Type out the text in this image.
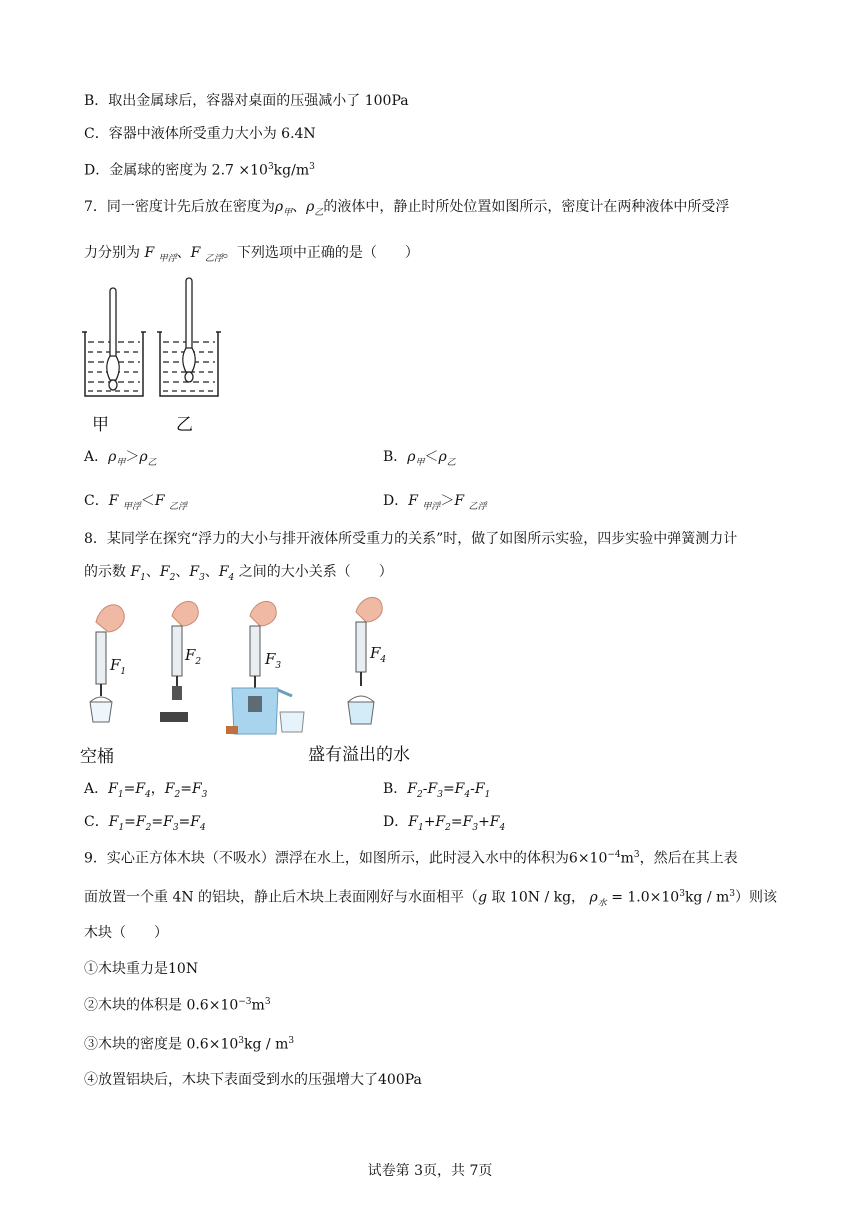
B．取出金属球后，容器对桌面的压强减小了 100Pa
C．容器中液体所受重力大小为 6.4N
D．金属球的密度为 $2.7 \times 10^3kg/m^3$
7．同一密度计先后放在密度为$\rho_甲$、$\rho_乙$的液体中，静止时所处位置如图所示，密度计在两种液体中所受浮
力分别为 F $_{甲浮}$、F $_{乙浮}$。下列选项中正确的是（　　）
甲	乙
A．$\rho_甲>\rho_乙$	B．$\rho_甲<\rho_乙$
C．F $_{甲浮}$＜F $_{乙浮}$	D．F $_{甲浮}$＞F $_{乙浮}$
8．某同学在探究“浮力的大小与排开液体所受重力的关系”时，做了如图所示实验，四步实验中弹簧测力计
的示数 $F_1$、$F_2$、$F_3$、$F_4$ 之间的大小关系（　　）
$F_1$
$F_2$	$F_3$
$F_4$
空桶	盛有溢出的水
A．$F_1=F_4$，$F_2=F_3$	B．$F_2-F_3=F_4-F_1$
C．$F_1=F_2=F_3=F_4$	D．$F_1+F_2=F_3+F_4$
9．实心正方体木块（不吸水）漂浮在水上，如图所示，此时浸入水中的体积为$6\times 10^{-4}m^3$，然后在其上表
面放置一个重 4N 的铝块，静止后木块上表面刚好与水面相平（g 取 10N / kg， $\rho_水 = 1.0\times 10^3kg / m^3$）则该
木块（　　）
①木块重力是10N
②木块的体积是 $0.6\times 10^{-3}m^3$
③木块的密度是 $0.6\times 10^3kg / m^3$
④放置铝块后，木块下表面受到水的压强增大了400Pa
试卷第 3页，共 7页
